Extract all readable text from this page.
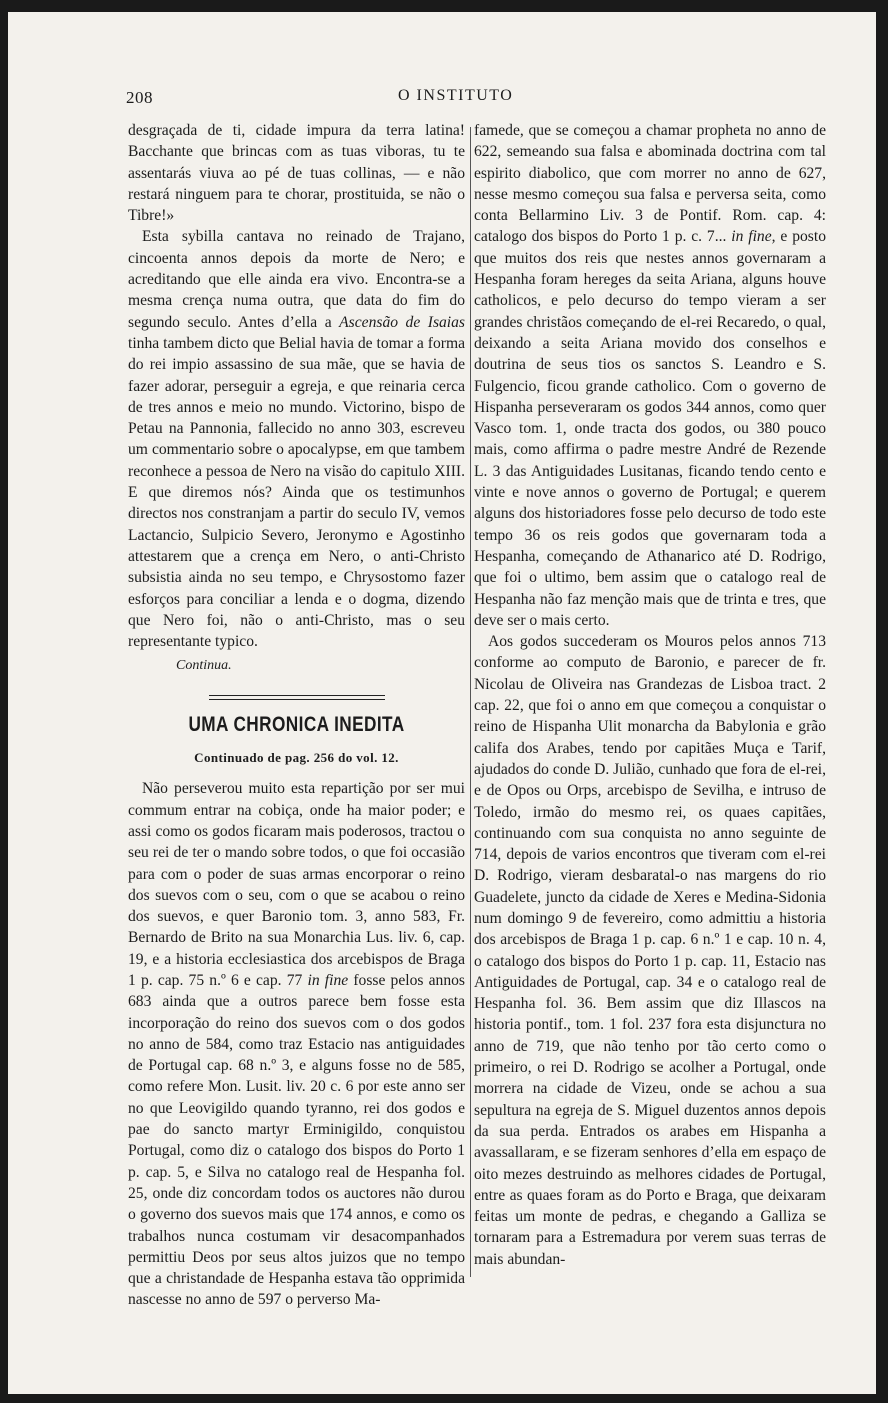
208	O INSTITUTO

desgraçada de ti, cidade impura da terra latina! Bacchante que brincas com as tuas viboras, tu te assentarás viuva ao pé de tuas collinas, — e não restará ninguem para te chorar, prostituida, se não o Tibre!»

Esta sybilla cantava no reinado de Trajano, cincoenta annos depois da morte de Nero; e acreditando que elle ainda era vivo. Encontra-se a mesma crença numa outra, que data do fim do segundo seculo. Antes d’ella a Ascensão de Isaias tinha tambem dicto que Belial havia de tomar a forma do rei impio assassino de sua mãe, que se havia de fazer adorar, perseguir a egreja, e que reinaria cerca de tres annos e meio no mundo. Victorino, bispo de Petau na Pannonia, fallecido no anno 303, escreveu um commentario sobre o apocalypse, em que tambem reconhece a pessoa de Nero na visão do capitulo XIII. E que diremos nós? Ainda que os testimunhos directos nos constranjam a partir do seculo IV, vemos Lactancio, Sulpicio Severo, Jeronymo e Agostinho attestarem que a crença em Nero, o anti-Christo subsistia ainda no seu tempo, e Chrysostomo fazer esforços para conciliar a lenda e o dogma, dizendo que Nero foi, não o anti-Christo, mas o seu representante typico.

Continua.
UMA CHRONICA INEDITA
Continuado de pag. 256 do vol. 12.

Não perseverou muito esta repartição por ser mui commum entrar na cobiça, onde ha maior poder; e assi como os godos ficaram mais poderosos, tractou o seu rei de ter o mando sobre todos, o que foi occasião para com o poder de suas armas encorporar o reino dos suevos com o seu, com o que se acabou o reino dos suevos, e quer Baronio tom. 3, anno 583, Fr. Bernardo de Brito na sua Monarchia Lus. liv. 6, cap. 19, e a historia ecclesiastica dos arcebispos de Braga 1 p. cap. 75 n.º 6 e cap. 77 in fine fosse pelos annos 683 ainda que a outros parece bem fosse esta incorporação do reino dos suevos com o dos godos no anno de 584, como traz Estacio nas antiguidades de Portugal cap. 68 n.º 3, e alguns fosse no de 585, como refere Mon. Lusit. liv. 20 c. 6 por este anno ser no que Leovigildo quando tyranno, rei dos godos e pae do sancto martyr Erminigildo, conquistou Portugal, como diz o catalogo dos bispos do Porto 1 p. cap. 5, e Silva no catalogo real de Hespanha fol. 25, onde diz concordam todos os auctores não durou o governo dos suevos mais que 174 annos, e como os trabalhos nunca costumam vir desacompanhados permittiu Deos por seus altos juizos que no tempo que a christandade de Hespanha estava tão opprimida nascesse no anno de 597 o perverso Ma-

famede, que se começou a chamar propheta no anno de 622, semeando sua falsa e abominada doctrina com tal espirito diabolico, que com morrer no anno de 627, nesse mesmo começou sua falsa e perversa seita, como conta Bellarmino Liv. 3 de Pontif. Rom. cap. 4: catalogo dos bispos do Porto 1 p. c. 7... in fine, e posto que muitos dos reis que nestes annos governaram a Hespanha foram hereges da seita Ariana, alguns houve catholicos, e pelo decurso do tempo vieram a ser grandes christãos começando de el-rei Recaredo, o qual, deixando a seita Ariana movido dos conselhos e doutrina de seus tios os sanctos S. Leandro e S. Fulgencio, ficou grande catholico. Com o governo de Hispanha perseveraram os godos 344 annos, como quer Vasco tom. 1, onde tracta dos godos, ou 380 pouco mais, como affirma o padre mestre André de Rezende L. 3 das Antiguidades Lusitanas, ficando tendo cento e vinte e nove annos o governo de Portugal; e querem alguns dos historiadores fosse pelo decurso de todo este tempo 36 os reis godos que governaram toda a Hespanha, começando de Athanarico até D. Rodrigo, que foi o ultimo, bem assim que o catalogo real de Hespanha não faz menção mais que de trinta e tres, que deve ser o mais certo.

Aos godos succederam os Mouros pelos annos 713 conforme ao computo de Baronio, e parecer de fr. Nicolau de Oliveira nas Grandezas de Lisboa tract. 2 cap. 22, que foi o anno em que começou a conquistar o reino de Hispanha Ulit monarcha da Babylonia e grão califa dos Arabes, tendo por capitães Muça e Tarif, ajudados do conde D. Julião, cunhado que fora de el-rei, e de Opos ou Orps, arcebispo de Sevilha, e intruso de Toledo, irmão do mesmo rei, os quaes capitães, continuando com sua conquista no anno seguinte de 714, depois de varios encontros que tiveram com el-rei D. Rodrigo, vieram desbaratal-o nas margens do rio Guadelete, juncto da cidade de Xeres e Medina-Sidonia num domingo 9 de fevereiro, como admittiu a historia dos arcebispos de Braga 1 p. cap. 6 n.º 1 e cap. 10 n. 4, o catalogo dos bispos do Porto 1 p. cap. 11, Estacio nas Antiguidades de Portugal, cap. 34 e o catalogo real de Hespanha fol. 36. Bem assim que diz Illascos na historia pontif., tom. 1 fol. 237 fora esta disjunctura no anno de 719, que não tenho por tão certo como o primeiro, o rei D. Rodrigo se acolher a Portugal, onde morrera na cidade de Vizeu, onde se achou a sua sepultura na egreja de S. Miguel duzentos annos depois da sua perda. Entrados os arabes em Hispanha a avassallaram, e se fizeram senhores d’ella em espaço de oito mezes destruindo as melhores cidades de Portugal, entre as quaes foram as do Porto e Braga, que deixaram feitas um monte de pedras, e chegando a Galliza se tornaram para a Estremadura por verem suas terras de mais abundan-
